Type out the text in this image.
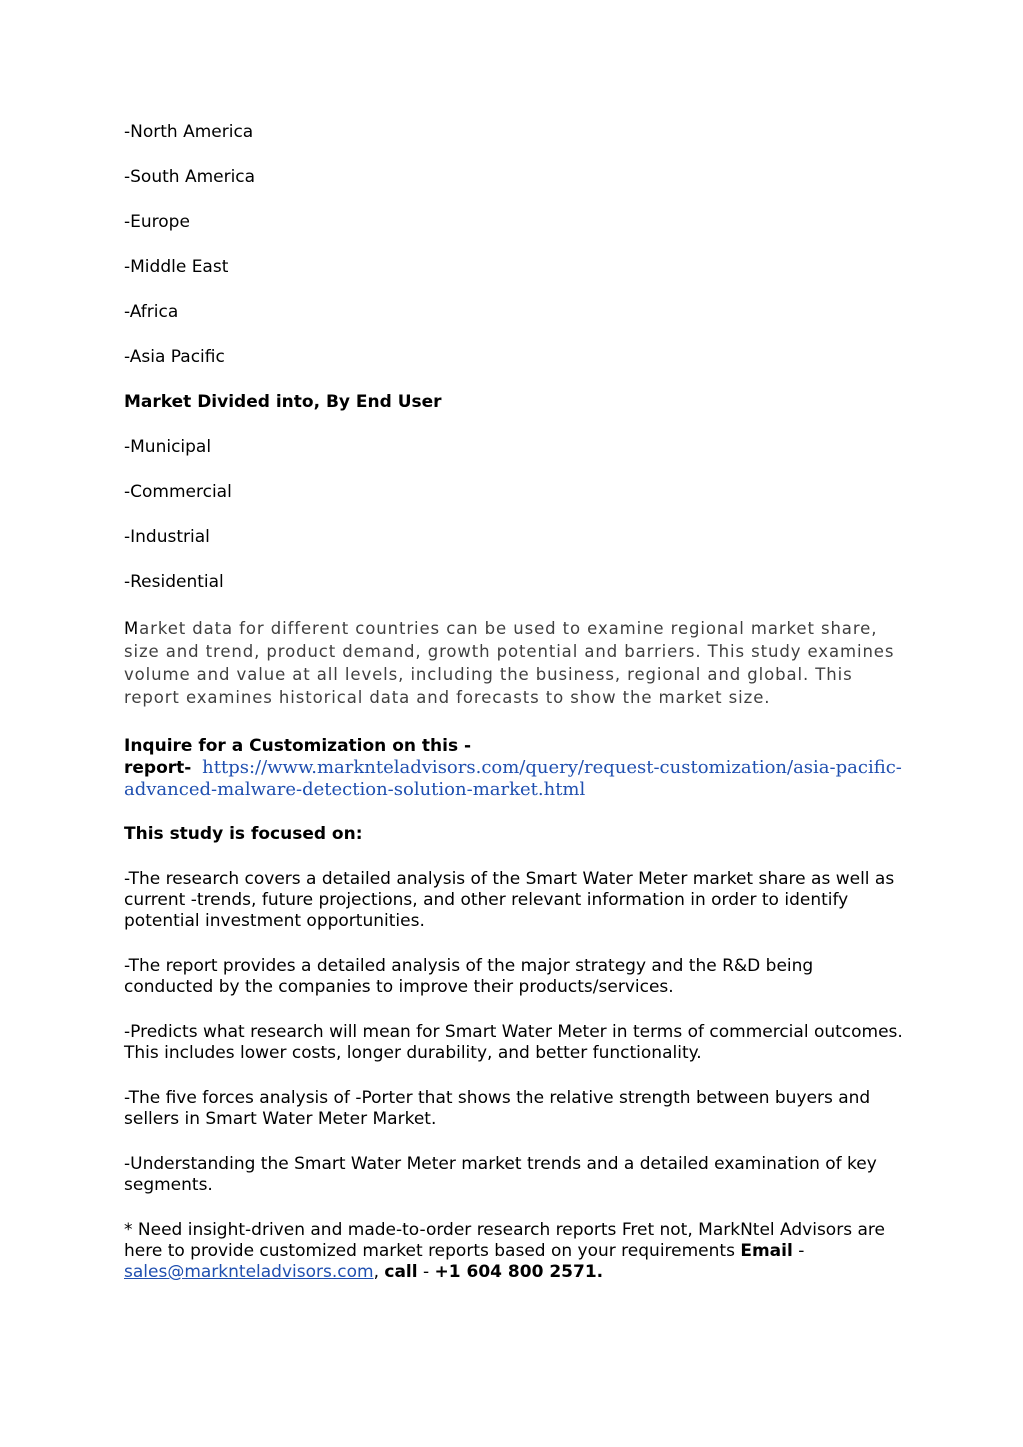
-North America

-South America

-Europe

-Middle East

-Africa

-Asia Pacific

Market Divided into, By End User

-Municipal

-Commercial

-Industrial

-Residential

Market data for different countries can be used to examine regional market share, size and trend, product demand, growth potential and barriers. This study examines volume and value at all levels, including the business, regional and global. This report examines historical data and forecasts to show the market size.

Inquire for a Customization on this -
report- https://www.marknteladvisors.com/query/request-customization/asia-pacific-advanced-malware-detection-solution-market.html

This study is focused on:

-The research covers a detailed analysis of the Smart Water Meter market share as well as current -trends, future projections, and other relevant information in order to identify potential investment opportunities.

-The report provides a detailed analysis of the major strategy and the R&D being conducted by the companies to improve their products/services.

-Predicts what research will mean for Smart Water Meter in terms of commercial outcomes. This includes lower costs, longer durability, and better functionality.

-The five forces analysis of -Porter that shows the relative strength between buyers and sellers in Smart Water Meter Market.

-Understanding the Smart Water Meter market trends and a detailed examination of key segments.

* Need insight-driven and made-to-order research reports Fret not, MarkNtel Advisors are here to provide customized market reports based on your requirements Email - sales@marknteladvisors.com, call - +1 604 800 2571.
